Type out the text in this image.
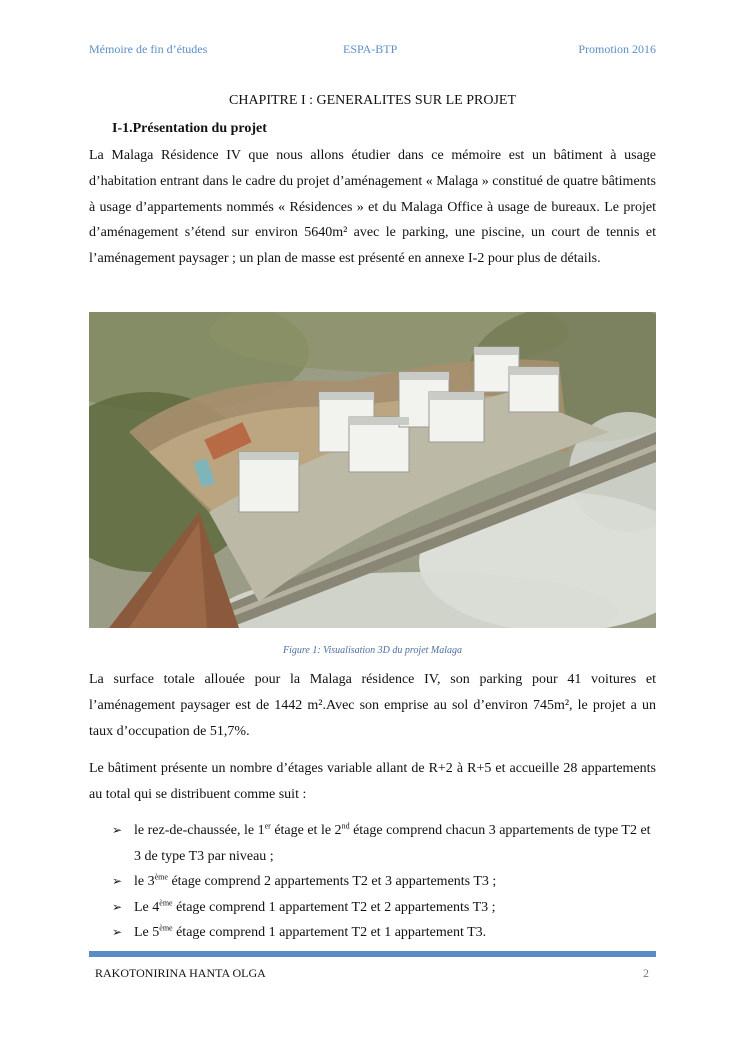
Mémoire de fin d’études	ESPA-BTP	Promotion 2016
CHAPITRE I : GENERALITES SUR LE PROJET
I-1.Présentation du projet

La Malaga Résidence IV que nous allons étudier dans ce mémoire est un bâtiment à usage d’habitation entrant dans le cadre du projet d’aménagement « Malaga » constitué de quatre bâtiments à usage d’appartements nommés « Résidences » et du Malaga Office à usage de bureaux. Le projet d’aménagement s’étend sur environ 5640m² avec le parking, une piscine, un court de tennis et l’aménagement paysager ; un plan de masse est présenté en annexe I-2 pour plus de détails.

Figure 1: Visualisation 3D du projet Malaga

La surface totale allouée pour la Malaga résidence IV, son parking pour 41 voitures et l’aménagement paysager est de 1442 m².Avec son emprise au sol d’environ 745m², le projet a un taux d’occupation de 51,7%.

Le bâtiment présente un nombre d’étages variable allant de R+2 à R+5 et accueille 28 appartements au total qui se distribuent comme suit :

➢ le rez-de-chaussée, le 1er étage et le 2nd étage comprend chacun 3 appartements de type T2 et 3 de type T3 par niveau ;
➢ le 3ème étage comprend 2 appartements T2 et 3 appartements T3 ;
➢ Le 4ème étage comprend 1 appartement T2 et 2 appartements T3 ;
➢ Le 5ème étage comprend 1 appartement T2 et 1 appartement T3.
RAKOTONIRINA HANTA OLGA	2
